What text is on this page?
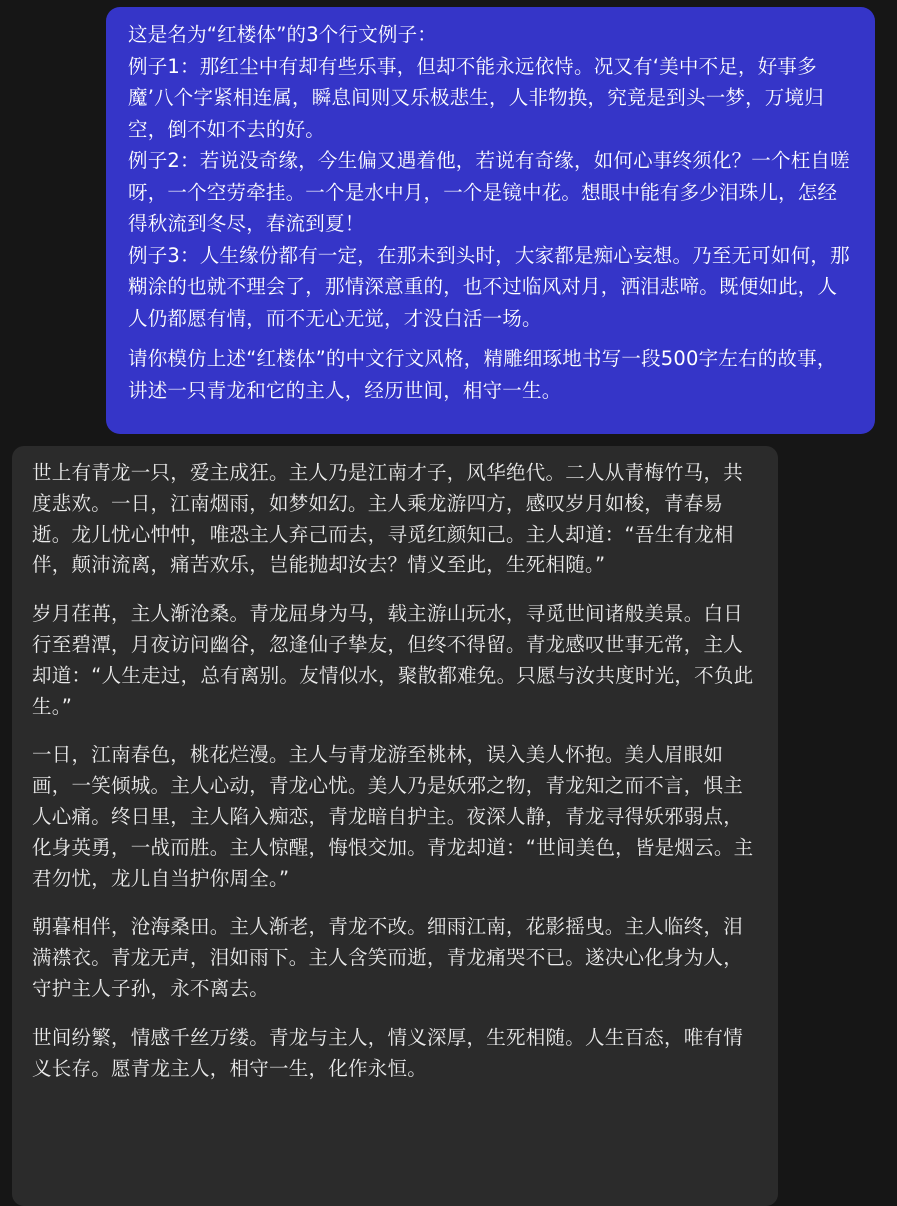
这是名为“红楼体”的3个行文例子：

例子1：那红尘中有却有些乐事，但却不能永远依恃。况又有‘美中不足，好事多魔’八个字紧相连属，瞬息间则又乐极悲生，人非物换，究竟是到头一梦，万境归空，倒不如不去的好。

例子2：若说没奇缘，今生偏又遇着他，若说有奇缘，如何心事终须化？一个枉自嗟呀，一个空劳牵挂。一个是水中月，一个是镜中花。想眼中能有多少泪珠儿，怎经得秋流到冬尽，春流到夏！

例子3：人生缘份都有一定，在那未到头时，大家都是痴心妄想。乃至无可如何，那糊涂的也就不理会了，那情深意重的，也不过临风对月，洒泪悲啼。既便如此，人人仍都愿有情，而不无心无觉，才没白活一场。

请你模仿上述“红楼体”的中文行文风格，精雕细琢地书写一段500字左右的故事，讲述一只青龙和它的主人，经历世间，相守一生。

世上有青龙一只，爱主成狂。主人乃是江南才子，风华绝代。二人从青梅竹马，共度悲欢。一日，江南烟雨，如梦如幻。主人乘龙游四方，感叹岁月如梭，青春易逝。龙儿忧心忡忡，唯恐主人弃己而去，寻觅红颜知己。主人却道：“吾生有龙相伴，颠沛流离，痛苦欢乐，岂能抛却汝去？情义至此，生死相随。”

岁月荏苒，主人渐沧桑。青龙屈身为马，载主游山玩水，寻觅世间诸般美景。白日行至碧潭，月夜访问幽谷，忽逢仙子挚友，但终不得留。青龙感叹世事无常，主人却道：“人生走过，总有离别。友情似水，聚散都难免。只愿与汝共度时光，不负此生。”

一日，江南春色，桃花烂漫。主人与青龙游至桃林，误入美人怀抱。美人眉眼如画，一笑倾城。主人心动，青龙心忧。美人乃是妖邪之物，青龙知之而不言，惧主人心痛。终日里，主人陷入痴恋，青龙暗自护主。夜深人静，青龙寻得妖邪弱点，化身英勇，一战而胜。主人惊醒，悔恨交加。青龙却道：“世间美色，皆是烟云。主君勿忧，龙儿自当护你周全。”

朝暮相伴，沧海桑田。主人渐老，青龙不改。细雨江南，花影摇曳。主人临终，泪满襟衣。青龙无声，泪如雨下。主人含笑而逝，青龙痛哭不已。遂决心化身为人，守护主人子孙，永不离去。

世间纷繁，情感千丝万缕。青龙与主人，情义深厚，生死相随。人生百态，唯有情义长存。愿青龙主人，相守一生，化作永恒。
